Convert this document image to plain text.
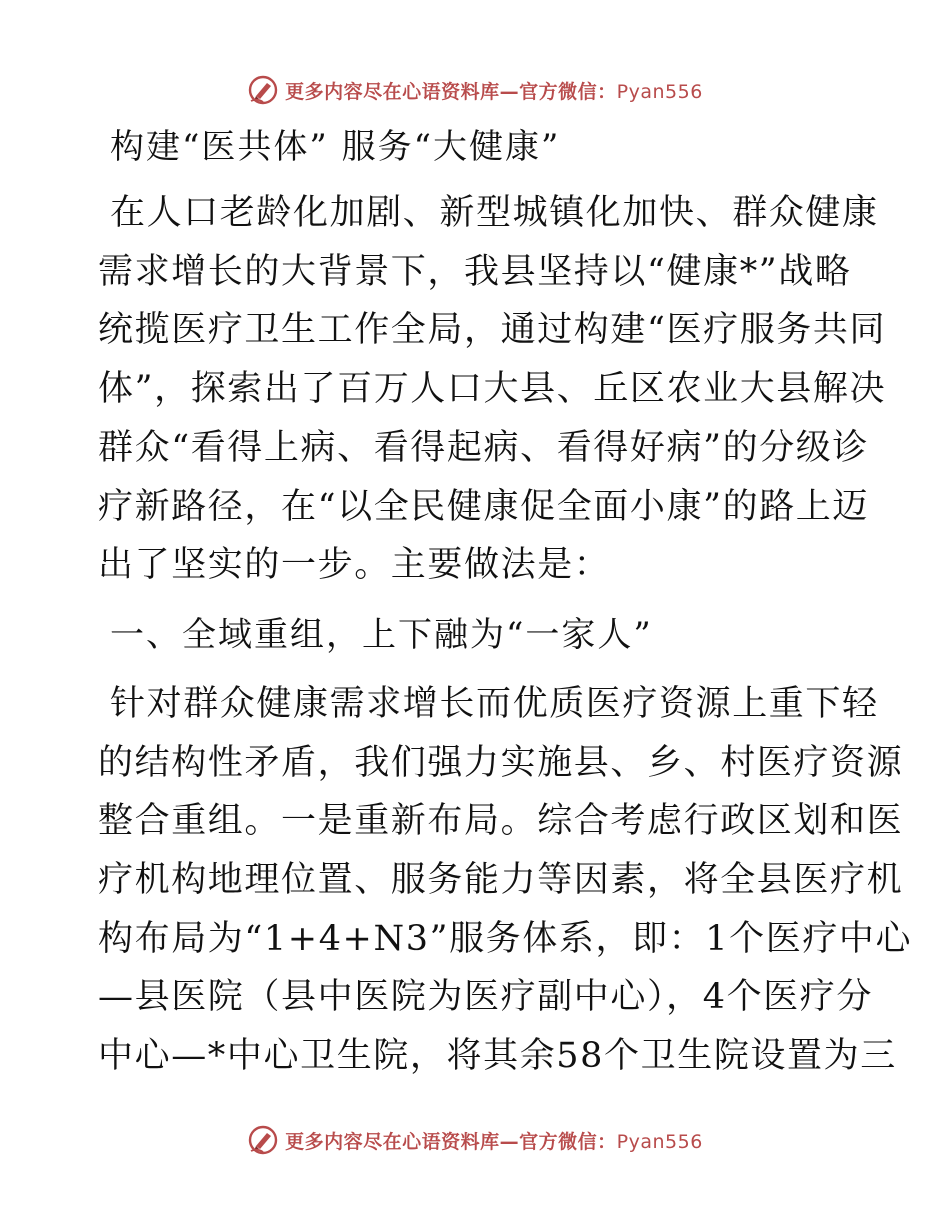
更多内容尽在心语资料库—官方微信：Pyan556
构建“医共体” 服务“大健康”

在人口老龄化加剧、新型城镇化加快、群众健康
需求增长的大背景下，我县坚持以“健康*”战略
统揽医疗卫生工作全局，通过构建“医疗服务共同
体”，探索出了百万人口大县、丘区农业大县解决
群众“看得上病、看得起病、看得好病”的分级诊
疗新路径，在“以全民健康促全面小康”的路上迈
出了坚实的一步。主要做法是：

一、全域重组，上下融为“一家人”

针对群众健康需求增长而优质医疗资源上重下轻
的结构性矛盾，我们强力实施县、乡、村医疗资源
整合重组。一是重新布局。综合考虑行政区划和医
疗机构地理位置、服务能力等因素，将全县医疗机
构布局为“1+4+N3”服务体系，即：1个医疗中心
—县医院（县中医院为医疗副中心），4个医疗分
中心—*中心卫生院，将其余58个卫生院设置为三

更多内容尽在心语资料库—官方微信：Pyan556
